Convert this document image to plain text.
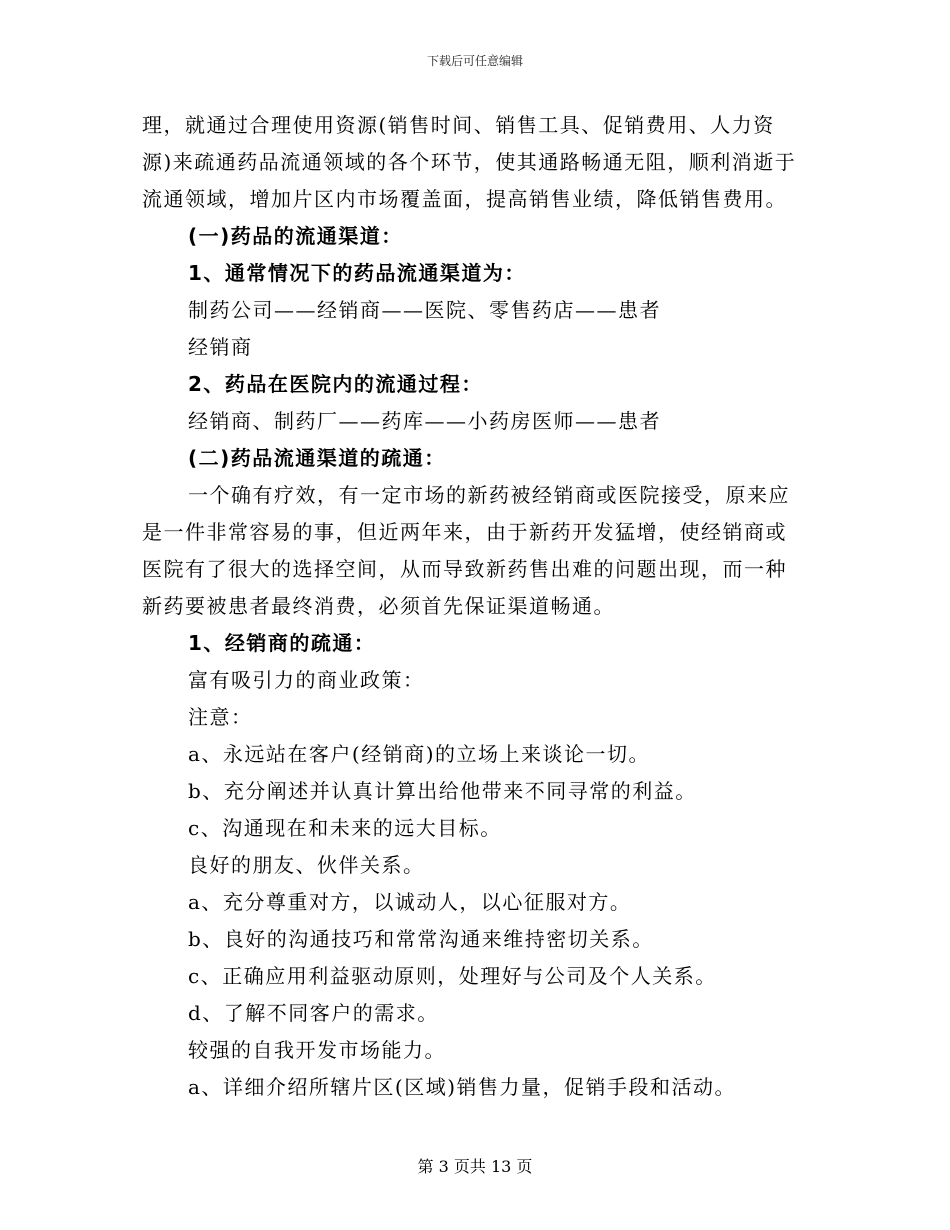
下载后可任意编辑

理，就通过合理使用资源(销售时间、销售工具、促销费用、人力资

源)来疏通药品流通领域的各个环节，使其通路畅通无阻，顺利消逝于

流通领域，增加片区内市场覆盖面，提高销售业绩，降低销售费用。

(一)药品的流通渠道：

1、通常情况下的药品流通渠道为：

制药公司——经销商——医院、零售药店——患者

经销商

2、药品在医院内的流通过程：

经销商、制药厂——药库——小药房医师——患者

(二)药品流通渠道的疏通：

一个确有疗效，有一定市场的新药被经销商或医院接受，原来应

是一件非常容易的事，但近两年来，由于新药开发猛增，使经销商或

医院有了很大的选择空间，从而导致新药售出难的问题出现，而一种

新药要被患者最终消费，必须首先保证渠道畅通。

1、经销商的疏通：

富有吸引力的商业政策：

注意：

a、永远站在客户(经销商)的立场上来谈论一切。

b、充分阐述并认真计算出给他带来不同寻常的利益。

c、沟通现在和未来的远大目标。

良好的朋友、伙伴关系。

a、充分尊重对方，以诚动人，以心征服对方。

b、良好的沟通技巧和常常沟通来维持密切关系。

c、正确应用利益驱动原则，处理好与公司及个人关系。

d、了解不同客户的需求。

较强的自我开发市场能力。

a、详细介绍所辖片区(区域)销售力量，促销手段和活动。

第 3 页共 13 页
